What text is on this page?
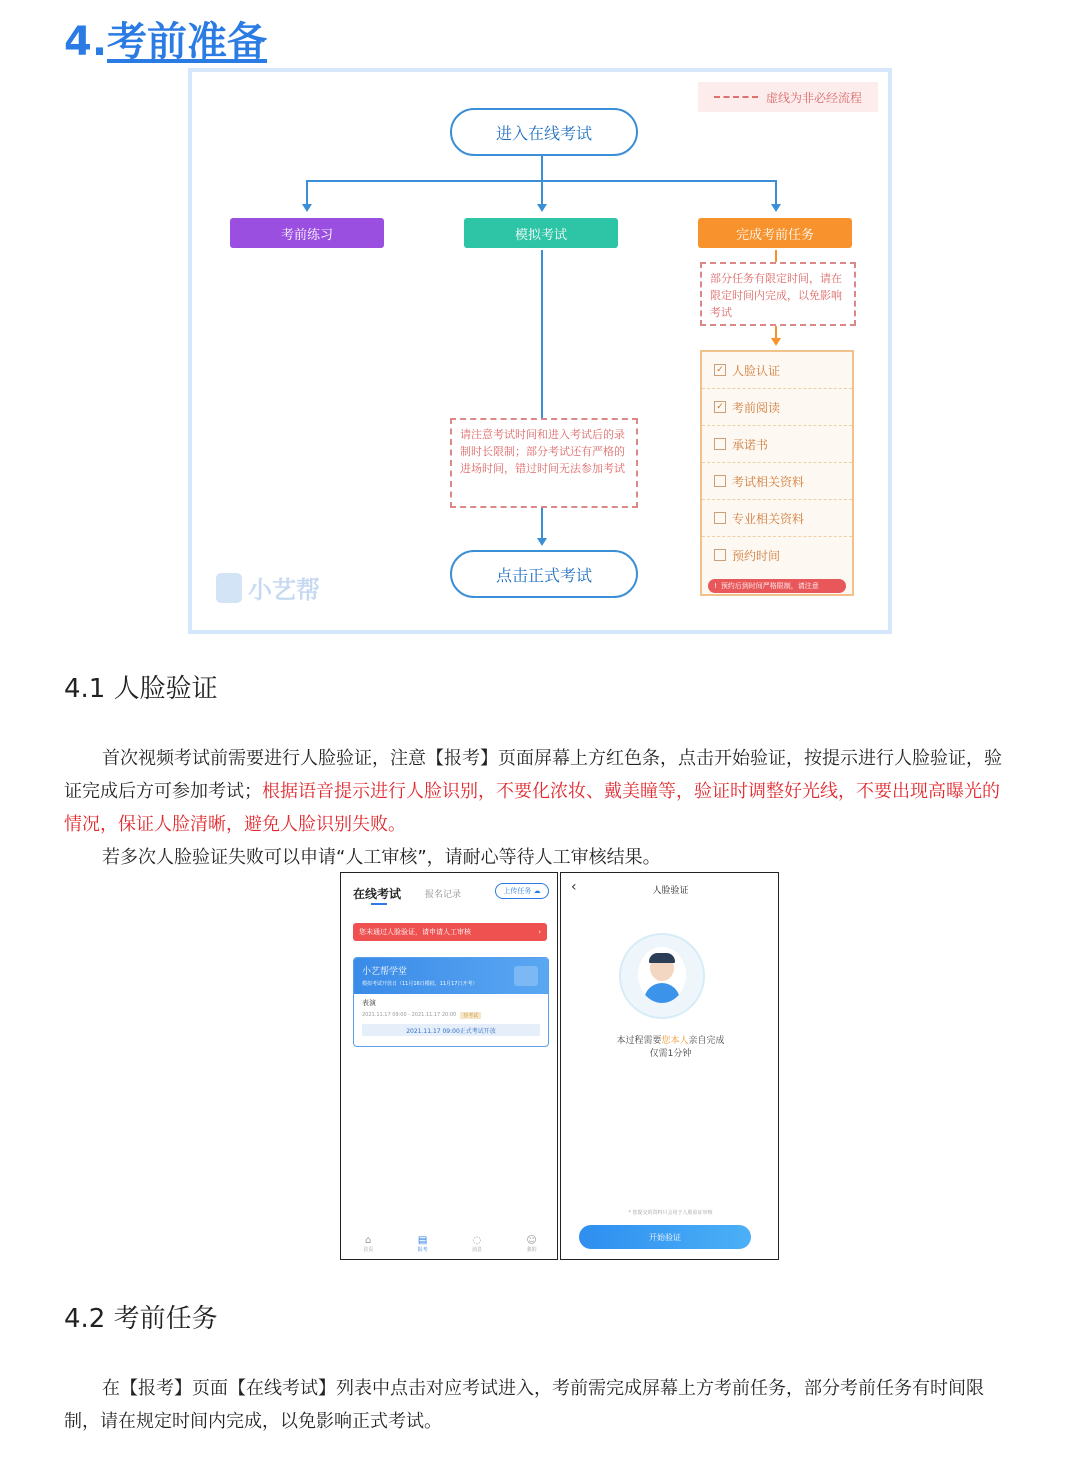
4.考前准备
虚线为非必经流程
进入在线考试
考前练习	模拟考试	完成考前任务
请注意考试时间和进入考试后的录制时长限制；部分考试还有严格的进场时间，错过时间无法参加考试
点击正式考试
部分任务有限定时间，请在限定时间内完成，以免影响考试
✓ 人脸认证
✓ 考前阅读
承诺书
考试相关资料
专业相关资料
预约时间
! 预约后到时间严格限制，请注意
小艺帮
4.1 人脸验证
首次视频考试前需要进行人脸验证，注意【报考】页面屏幕上方红色条，点击开始验证，按提示进行人脸验证，验证完成后方可参加考试；根据语音提示进行人脸识别，不要化浓妆、戴美瞳等，验证时调整好光线，不要出现高曝光的情况，保证人脸清晰，避免人脸识别失败。
若多次人脸验证失败可以申请“人工审核”，请耐心等待人工审核结果。
在线考试	报名记录	上传任务 ☁
您未通过人脸验证，请申请人工审核	›
小艺帮学堂
模拟考试开放日（11月16日模拟，11月17日开考）
表演
2021.11.17 09:00 - 2021.11.17 20:00	待考试
2021.11.17 09:00正式考试开放
⌂
首页
▤
报考
◌
消息
☺
我的
‹	人脸验证
本过程需要您本人亲自完成
仅需1分钟
* 您提交的资料只会用于人脸验证审核
开始验证
4.2 考前任务
在【报考】页面【在线考试】列表中点击对应考试进入，考前需完成屏幕上方考前任务，部分考前任务有时间限制，请在规定时间内完成，以免影响正式考试。
